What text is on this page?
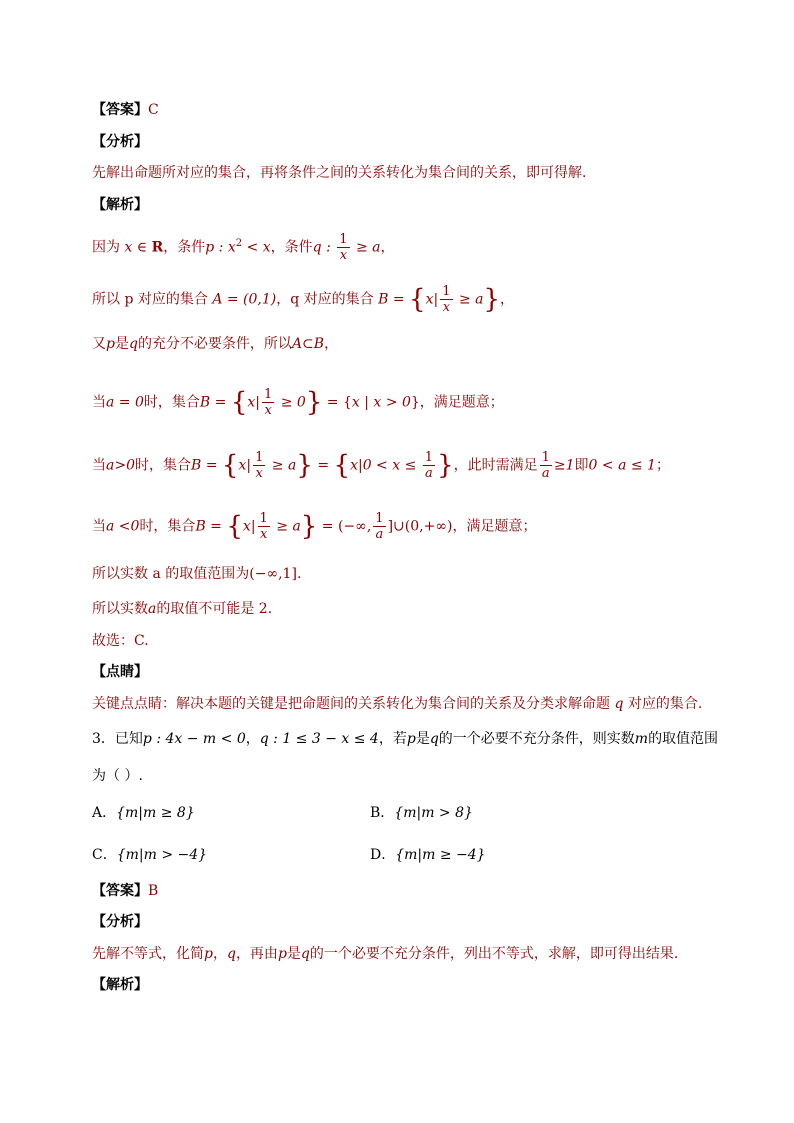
【答案】C
【分析】
先解出命题所对应的集合，再将条件之间的关系转化为集合间的关系，即可得解.
【解析】
因为 x ∈ R，条件p : $x^2 < x$，条件q : $\frac{1}{x} \ge a$，
所以 p 对应的集合 A = (0,1)，q 对应的集合 $B = \{x| \frac{1}{x} \ge a\}$，
又p是q的充分不必要条件，所以A⊂B，
当a = 0时，集合$B = \{x| \frac{1}{x} \ge 0\} = \{x$ | x > 0}，满足题意；
当a>0时，集合$B = \{x| \frac{1}{x} \ge a\} = \{x|0 < x \le \frac{1}{a}$ }，此时需满足 $\frac{1}{a} \ge 1$即0 < a ≤ 1；
当a <0时，集合$B = \{x| \frac{1}{x} \ge a\}$ = (−∞, $\frac{1}{a}$ ]∪(0,+∞)，满足题意；
所以实数 a 的取值范围为(−∞,1].
所以实数a的取值不可能是 2.
故选：C.
【点睛】
关键点点睛：解决本题的关键是把命题间的关系转化为集合间的关系及分类求解命题 q 对应的集合.
3．已知p : 4x − m < 0，q : 1 ≤ 3 − x ≤ 4，若p是q的一个必要不充分条件，则实数m的取值范围
为（ ）.
A．{m|m ≥ 8}	B．{m|m > 8}
C．{m|m > −4}	D．{m|m ≥ −4}
【答案】B
【分析】
先解不等式，化简p，q，再由p是q的一个必要不充分条件，列出不等式，求解，即可得出结果.
【解析】
